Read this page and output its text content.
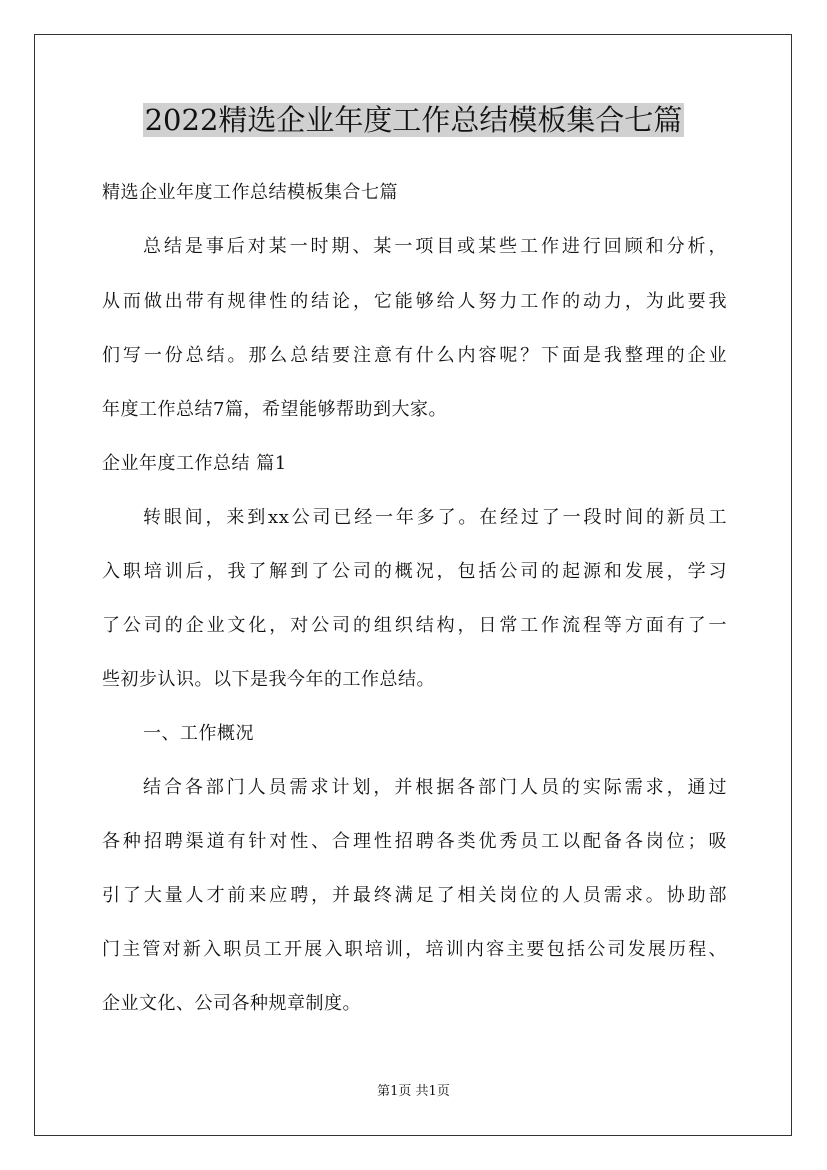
2022精选企业年度工作总结模板集合七篇
精选企业年度工作总结模板集合七篇
总结是事后对某一时期、某一项目或某些工作进行回顾和分析，
从而做出带有规律性的结论，它能够给人努力工作的动力，为此要我
们写一份总结。那么总结要注意有什么内容呢？下面是我整理的企业
年度工作总结7篇，希望能够帮助到大家。
企业年度工作总结 篇1
转眼间，来到xx公司已经一年多了。在经过了一段时间的新员工
入职培训后，我了解到了公司的概况，包括公司的起源和发展，学习
了公司的企业文化，对公司的组织结构，日常工作流程等方面有了一
些初步认识。以下是我今年的工作总结。
一、工作概况
结合各部门人员需求计划，并根据各部门人员的实际需求，通过
各种招聘渠道有针对性、合理性招聘各类优秀员工以配备各岗位；吸
引了大量人才前来应聘，并最终满足了相关岗位的人员需求。协助部
门主管对新入职员工开展入职培训，培训内容主要包括公司发展历程、
企业文化、公司各种规章制度。
第1页 共1页
